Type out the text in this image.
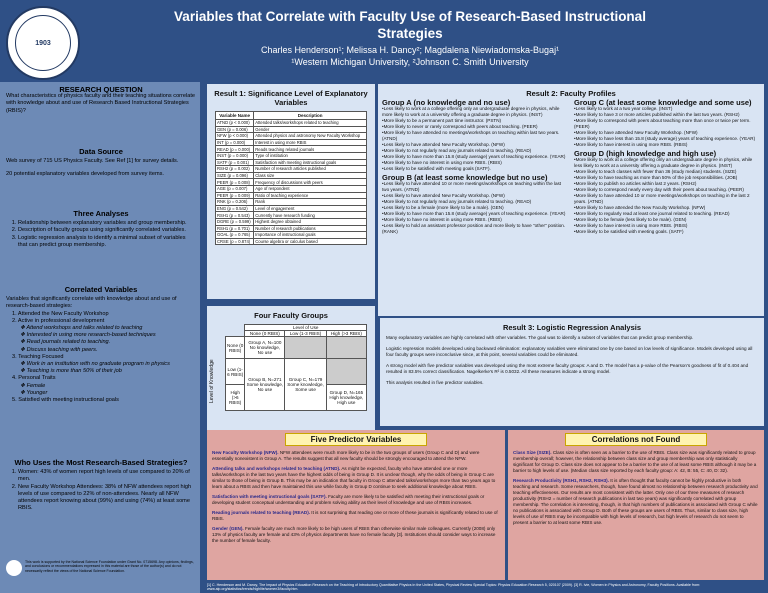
1903
Variables that Correlate with Faculty Use of Research-Based Instructional Strategies
Charles Henderson¹; Melissa H. Dancy²; Magdalena Niewiadomska-Bugaj¹
¹Western Michigan University, ²Johnson C. Smith University
RESEARCH QUESTION
What characteristics of physics faculty and their teaching situations correlate with knowledge about and use of Research Based Instructional Strategies (RBIS)?
Data Source
Web survey of 715 US Physics Faculty. See Ref [1] for survey details.
20 potential explanatory variables developed from survey items.
Three Analyses
1. Relationship between explanatory variables and group membership.
2. Description of faculty groups using significantly correlated variables.
3. Logistic regression analysis to identify a minimal subset of variables that can predict group membership.
Correlated Variables
Variables that significantly correlate with knowledge about and use of research-based strategies:
1. Attended the New Faculty Workshop
2. Active in professional development
❖ Attend workshops and talks related to teaching
❖ Interested in using more research-based techniques
❖ Read journals related to teaching.
❖ Discuss teaching with peers.
3. Teaching Focused
❖ Work in an institution with no graduate program in physics
❖ Teaching is more than 50% of their job
4. Personal Traits
❖ Female
❖ Younger
5. Satisfied with meeting instructional goals
Who Uses the Most Research-Based Strategies?
1. Women: 43% of women report high levels of use compared to 20% of men.
2. New Faculty Workshop Attendees: 38% of NFW attendees report high levels of use compared to 22% of non-attendees. Nearly all NFW attendees report knowing about (99%) and using (74%) at least some RBIS.
This work is supported by the National Science Foundation under Grant No. 0715698. Any opinions, findings, and conclusions or recommendations expressed in this material are those of the author(s) and do not necessarily reflect the views of the National Science Foundation.
Result 1: Significance Level of Explanatory Variables
Variable Name	Description
ATND (p < 0.000)	Attended talks/workshops related to teaching
GEN (p = 0.006)	Gender
NFW (p < 0.000)	Attended physics and astronomy New Faculty Workshop
INT (p = 0.000)	Interest in using more RBIS
READ (p = 0.000)	Reads teaching related journals
INST (p = 0.000)	Type of institution
SATF (p = 0.001)	Satisfaction with meeting instructional goals
RSH2 (p = 0.002)	Number of research articles published
SIZE (p = 0.096)	Class size
PEER (p = 0.008)	Frequency of discussions with peers
AGE (p = 0.007)	Age of respondent
PEER (p = 0.009)	Ratio of teaching experience
RNK (p = 0.206)	Rank
ENG (p = 0.542)	Level of engagement
RSH1 (p = 0.543)	Currently have research funding
DGRE (p = 0.599)	Highest degree obtained
RSH1 (p = 0.701)	Number of research publications
GOAL (p = 0.765)	Importance of instructional goals
CRSE (p = 0.874)	Course algebra or calculus based
Result 2: Faculty Profiles
Group A (no knowledge and no use)
•Less likely to work at a college offering only an undergraduate degree in physics, while more likely to work at a university offering a graduate degree in physics. (INST)
•More likely to be a permanent part time instructor. (PSTN)
•More likely to never or rarely correspond with peers about teaching. (PEER)
•More likely to have attended no meetings/workshops on teaching within last two years. (ATND)
•Less likely to have attended New Faculty Workshop. (NFW)
•More likely to not regularly read any journals related to teaching. (READ)
•More likely to have more than 15.8 (study average) years of teaching experience. (YEAR)
•More likely to have no interest in using more RBIS. (RBIS)
•Less likely to be satisfied with meeting goals (SATF).
Group B (at least some knowledge but no use)
•Less likely to have attended 10 or more meetings/workshops on teaching within the last two years. (ATND)
•Less likely to have attended New Faculty Workshop. (NFW)
•More likely to not regularly read any journals related to teaching. (READ)
•Less likely to be a female (more likely to be a male). (GEN)
•More likely to have more than 15.8 (study average) years of teaching experience. (YEAR)
•More likely to have no interest in using more RBIS. (RBIS)
•Less likely to hold an assistant professor position and more likely to have "other" position. (RANK)
Group C (at least some knowledge and some use)
•Less likely to work at a two year college. (INST)
•More likely to have 3 or more articles published within the last two years. (RSH2)
•More likely to correspond with peers about teaching more than once or twice per term. (PEER)
•More likely to have attended New Faculty Workshop. (NFW)
•More likely to have less than 15.8 (study average) years of teaching experience. (YEAR)
•More likely to have interest in using more RBIS. (RBIS)
Group D (high knowledge and high use)
•More likely to work at a college offering only an undergraduate degree in physics, while less likely to work at a university offering a graduate degree in physics. (INST)
•More likely to teach classes with fewer than 36 (study median) students. (SIZE)
•More likely to have teaching as more than 50% of the job responsibilities. (JOB)
•More likely to publish no articles within last 2 years. (RSH2)
•More likely to correspond nearly every day with their peers about teaching. (PEER)
•More likely to have attended 10 or more meetings/workshops on teaching in the last 2 years. (ATND)
•More likely to have attended the New Faculty Workshop. (NFW)
•More likely to regularly read at least one journal related to teaching. (READ)
•More likely to be female (less likely to be male). (GEN)
•More likely to have interest in using more RBIS. (RBIS)
•More likely to be satisfied with meeting goals. (SATF)
Four Faculty Groups
Level of Knowledge
	Level of Use		
	None (0 RBIS)	Low (1-3 RBIS)	High (>3 RBIS)
None (0 RBIS)	Group A, N=100 No knowledge, No use		
Low (1-6 RBIS)	Group B, N=271 Some knowledge, No use	Group C, N=179 Some knowledge, Some use	
High (>6 RBIS)			Group D, N=165 High knowledge, High use
Result 3: Logistic Regression Analysis
Many explanatory variables are highly correlated with other variables. The goal was to identify a subset of variables that can predict group membership.
Logistic regression models developed using backward elimination: explanatory variables were eliminated one by one based on low levels of significance. Models developed using all four faculty groups were inconclusive since, at this point, several variables could be eliminated.
A strong model with five predictor variables was developed using the most extreme faculty groups: A and D. The model has a p-value of the Pearson's goodness of fit of 0.404 and resulted in 83.5% correct classification. Nagelkerke's R² is 0.5032. All these measures indicate a strong model.
This analysis resulted in five predictor variables.
Five Predictor Variables
New Faculty Workshop (NFW). NFW attendees were much more likely to be in the two groups of users (Group C and D) and were essentially nonexistent in Group A. The results suggest that all new faculty should be strongly encouraged to attend the NFW.
Attending talks and workshops related to teaching (ATND). As might be expected, faculty who have attended one or more talks/workshops in the last two years have the highest odds of being in Group D. It is unclear though, why the odds of being in Group C are similar to those of being in Group B. This may be an indication that faculty in Group C attended talks/workshops more than two years ago to learn about a RBIS and then have maintained this use while faculty in Group D continue to seek additional knowledge about RBIS.
Satisfaction with meeting instructional goals (SATF). Faculty are more likely to be satisfied with meeting their instructional goals or developing student conceptual understanding and problem solving ability as their level of knowledge and use of RBIS increases.
Reading journals related to teaching (READ). It is not surprising that reading one or more of these journals is significantly related to use of RBIS.
Gender (GEN). Female faculty are much more likely to be high users of RBIS than otherwise similar male colleagues. Currently (2008) only 13% of physics faculty are female and 43% of physics departments have no female faculty [3]. Institutions should consider ways to increase the number of female faculty.
Correlations not Found
Class Size (SIZE). Class size is often seen as a barrier to the use of RBIS. Class size was significantly related to group membership overall; however, the relationship between class size and group membership was only statistically significant for Group D. Class size does not appear to be a barrier to the use of at least some RBIS although it may be a barrier to high levels of use. (Median class size reported by each faculty group: A: 42, B: 55, C: 40, D: 32).
Research Productivity (RSH1, RSH2, RSH3). It is often thought that faculty cannot be highly productive in both teaching and research. Some researchers, though, have found almost no relationship between research productivity and teaching effectiveness. Our results are most consistent with the latter. Only one of our three measures of research productivity (RSH2 = number of research publications in last two years) was significantly correlated with group membership. The correlation is interesting, though, in that high numbers of publications is associated with Group C while no publications is associated with Group D. Both of these groups are users of RBIS. Thus, similar to class size, high levels of use of RBIS may be incompatible with high levels of research, but high levels of research do not seem to present a barrier to at least some RBIS use.
[1] C. Henderson and M. Dancy, The Impact of Physics Education Research on the Teaching of Introductory Quantitative Physics in the United States, Physical Review Special Topics: Physics Education Research 5, 020107 (2009). [3] R. Ivie, Women in Physics and Astronomy, Faculty Positions. Available from: www.aip.org/statistics/trends/highlite/women3/faculty.htm.
